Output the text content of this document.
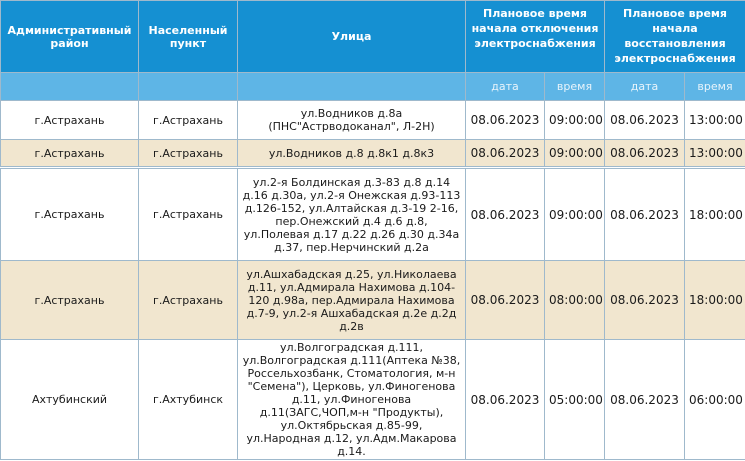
Административный район	Населенный пункт	Улица	Плановое время начала отключения электроснабжения		Плановое время начала восстановления электроснабжения	
			дата	время	дата	время
г.Астрахань	г.Астрахань	ул.Водников д.8а (ПНС"Астрводоканал", Л-2Н)	08.06.2023	09:00:00	08.06.2023	13:00:00
г.Астрахань	г.Астрахань	ул.Водников д.8 д.8к1 д.8к3	08.06.2023	09:00:00	08.06.2023	13:00:00

г.Астрахань	г.Астрахань	ул.2-я Болдинская д.3-83 д.8 д.14 д.16 д.30а, ул.2-я Онежская д.93-113 д.126-152, ул.Алтайская д.3-19 2-16, пер.Онежский д.4 д.6 д.8, ул.Полевая д.17 д.22 д.26 д.30 д.34а д.37, пер.Нерчинский д.2а	08.06.2023	09:00:00	08.06.2023	18:00:00
г.Астрахань	г.Астрахань	ул.Ашхабадская д.25, ул.Николаева д.11, ул.Адмирала Нахимова д.104-120 д.98а, пер.Адмирала Нахимова д.7-9, ул.2-я Ашхабадская д.2е д.2д д.2в	08.06.2023	08:00:00	08.06.2023	18:00:00
Ахтубинский	г.Ахтубинск	ул.Волгоградская д.111, ул.Волгоградская д.111(Аптека №38, Россельхозбанк, Стоматология, м-н "Семена"), Церковь, ул.Финогенова д.11, ул.Финогенова д.11(ЗАГС,ЧОП,м-н "Продукты), ул.Октябрьская д.85-99, ул.Народная д.12, ул.Адм.Макарова д.14.	08.06.2023	05:00:00	08.06.2023	06:00:00
